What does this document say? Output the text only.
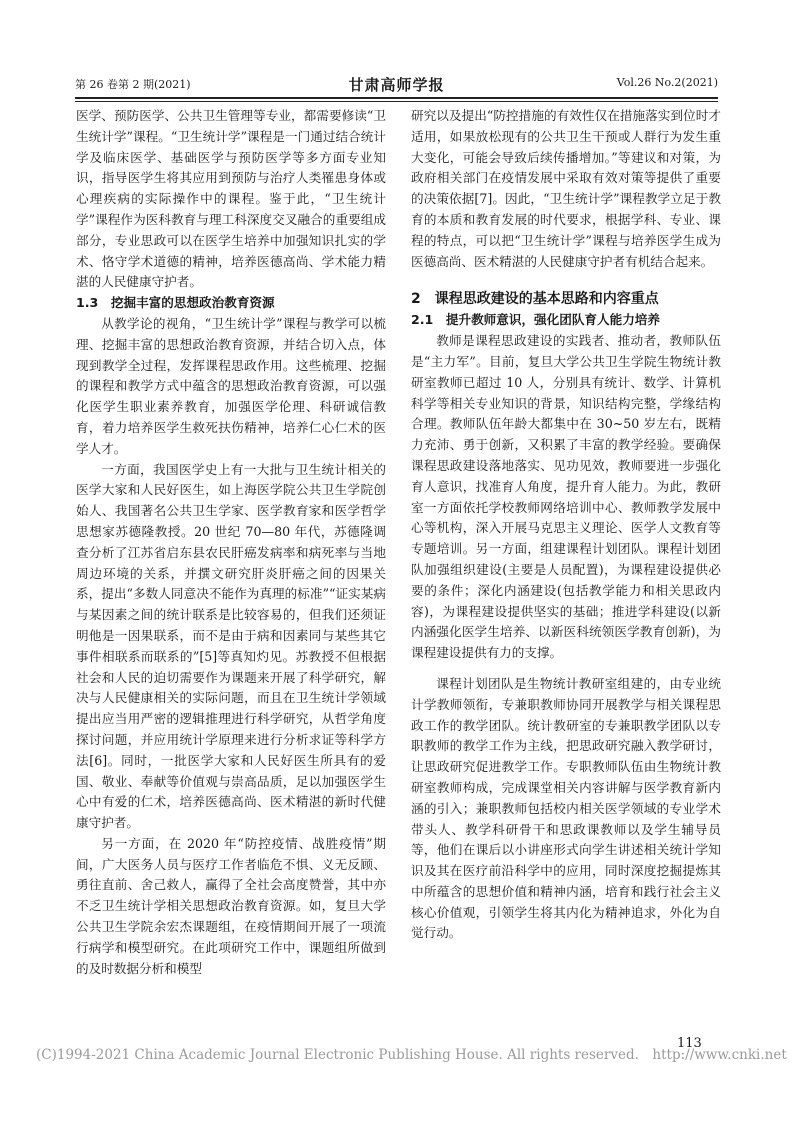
第 26 卷第 2 期(2021)	甘肃高师学报	Vol.26 No.2(2021)

医学、预防医学、公共卫生管理等专业，都需要修读“卫生统计学”课程。“卫生统计学”课程是一门通过结合统计学及临床医学、基础医学与预防医学等多方面专业知识，指导医学生将其应用到预防与治疗人类罹患身体或心理疾病的实际操作中的课程。鉴于此，“卫生统计学”课程作为医科教育与理工科深度交叉融合的重要组成部分，专业思政可以在医学生培养中加强知识扎实的学术、恪守学术道德的精神，培养医德高尚、学术能力精湛的人民健康守护者。

1.3　挖掘丰富的思想政治教育资源

从教学论的视角，“卫生统计学”课程与教学可以梳理、挖掘丰富的思想政治教育资源，并结合切入点，体现到教学全过程，发挥课程思政作用。这些梳理、挖掘的课程和教学方式中蕴含的思想政治教育资源，可以强化医学生职业素养教育，加强医学伦理、科研诚信教育，着力培养医学生救死扶伤精神，培养仁心仁术的医学人才。

一方面，我国医学史上有一大批与卫生统计相关的医学大家和人民好医生，如上海医学院公共卫生学院创始人、我国著名公共卫生学家、医学教育家和医学哲学思想家苏德隆教授。20 世纪 70—80 年代，苏德隆调查分析了江苏省启东县农民肝癌发病率和病死率与当地周边环境的关系，并撰文研究肝炎肝癌之间的因果关系，提出“多数人同意决不能作为真理的标准”“证实某病与某因素之间的统计联系是比较容易的，但我们还须证明他是一因果联系，而不是由于病和因素同与某些其它事件相联系而联系的”[5]等真知灼见。苏教授不但根据社会和人民的迫切需要作为课题来开展了科学研究，解决与人民健康相关的实际问题，而且在卫生统计学领域提出应当用严密的逻辑推理进行科学研究，从哲学角度探讨问题，并应用统计学原理来进行分析求证等科学方法[6]。同时，一批医学大家和人民好医生所具有的爱国、敬业、奉献等价值观与崇高品质，足以加强医学生心中有爱的仁术，培养医德高尚、医术精湛的新时代健康守护者。

另一方面，在 2020 年“防控疫情、战胜疫情”期间，广大医务人员与医疗工作者临危不惧、义无反顾、勇往直前、舍己救人，赢得了全社会高度赞誉，其中亦不乏卫生统计学相关思想政治教育资源。如，复旦大学公共卫生学院余宏杰课题组，在疫情期间开展了一项流行病学和模型研究。在此项研究工作中，课题组所做到的及时数据分析和模型

研究以及提出“防控措施的有效性仅在措施落实到位时才适用，如果放松现有的公共卫生干预或人群行为发生重大变化，可能会导致后续传播增加。”等建议和对策，为政府相关部门在疫情发展中采取有效对策等提供了重要的决策依据[7]。因此，“卫生统计学”课程教学立足于教育的本质和教育发展的时代要求，根据学科、专业、课程的特点，可以把“卫生统计学”课程与培养医学生成为医德高尚、医术精湛的人民健康守护者有机结合起来。

2　课程思政建设的基本思路和内容重点

2.1　提升教师意识，强化团队育人能力培养

教师是课程思政建设的实践者、推动者，教师队伍是“主力军”。目前，复旦大学公共卫生学院生物统计教研室教师已超过 10 人，分别具有统计、数学、计算机科学等相关专业知识的背景，知识结构完整，学缘结构合理。教师队伍年龄大都集中在 30~50 岁左右，既精力充沛、勇于创新，又积累了丰富的教学经验。要确保课程思政建设落地落实、见功见效，教师要进一步强化育人意识，找准育人角度，提升育人能力。为此，教研室一方面依托学校教师网络培训中心、教师教学发展中心等机构，深入开展马克思主义理论、医学人文教育等专题培训。另一方面，组建课程计划团队。课程计划团队加强组织建设(主要是人员配置)，为课程建设提供必要的条件；深化内涵建设(包括教学能力和相关思政内容)，为课程建设提供坚实的基础；推进学科建设(以新内涵强化医学生培养、以新医科统领医学教育创新)，为课程建设提供有力的支撑。

课程计划团队是生物统计教研室组建的，由专业统计学教师领衔，专兼职教师协同开展教学与相关课程思政工作的教学团队。统计教研室的专兼职教学团队以专职教师的教学工作为主线，把思政研究融入教学研讨，让思政研究促进教学工作。专职教师队伍由生物统计教研室教师构成，完成课堂相关内容讲解与医学教育新内涵的引入；兼职教师包括校内相关医学领域的专业学术带头人、教学科研骨干和思政课教师以及学生辅导员等，他们在课后以小讲座形式向学生讲述相关统计学知识及其在医疗前沿科学中的应用，同时深度挖掘提炼其中所蕴含的思想价值和精神内涵，培育和践行社会主义核心价值观，引领学生将其内化为精神追求，外化为自觉行动。

113
(C)1994-2021 China Academic Journal Electronic Publishing House. All rights reserved.　http://www.cnki.net
